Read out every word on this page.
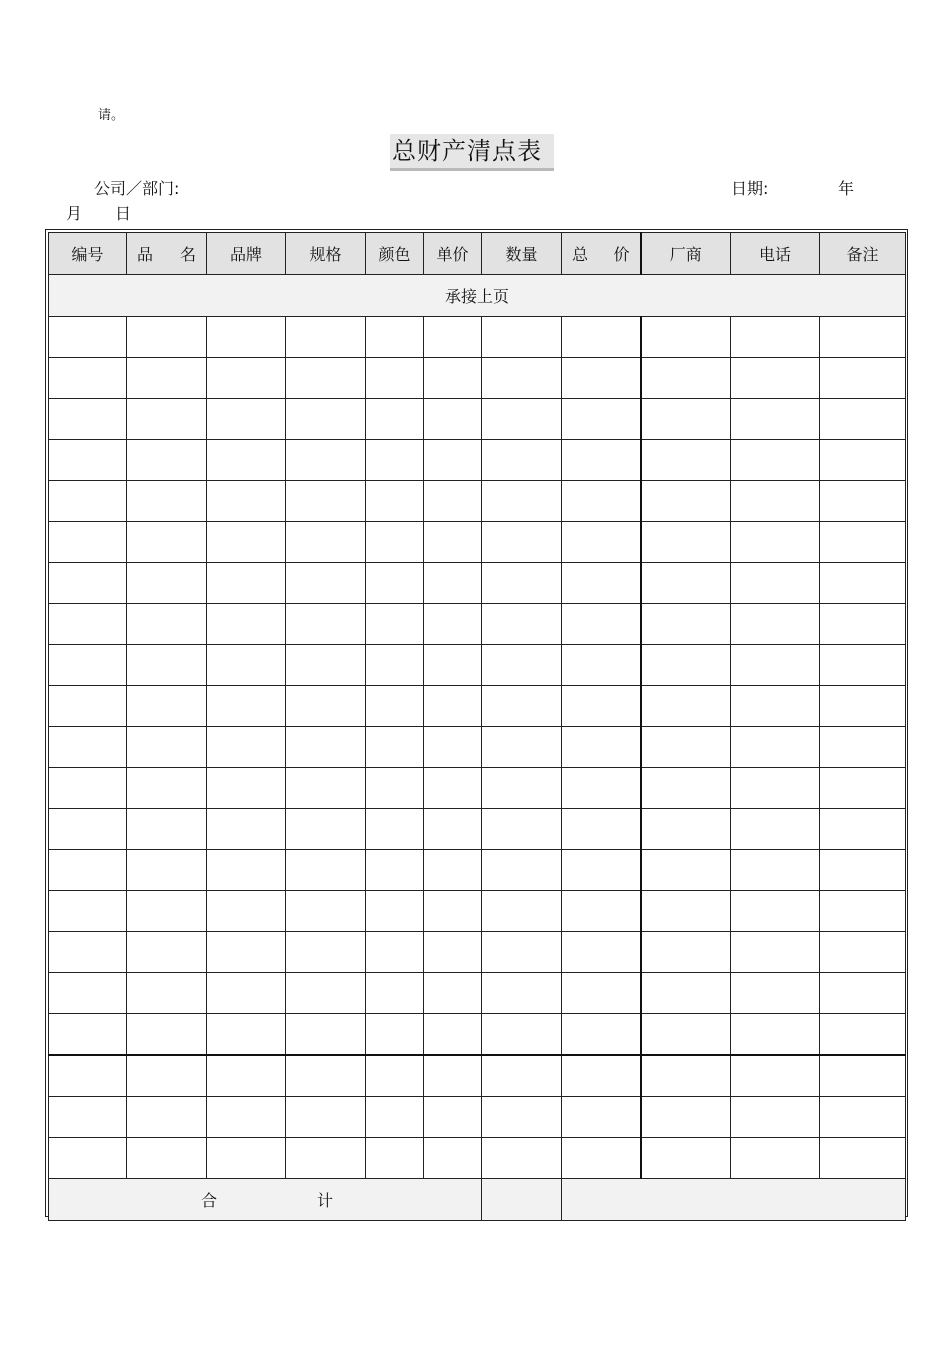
请。
总财产清点表
公司／部门:	日期:	年
月 日
编号	品 名	品牌	规格	颜色	单价	数量	总 价	厂商	电话	备注
承接上页										

合 计										
